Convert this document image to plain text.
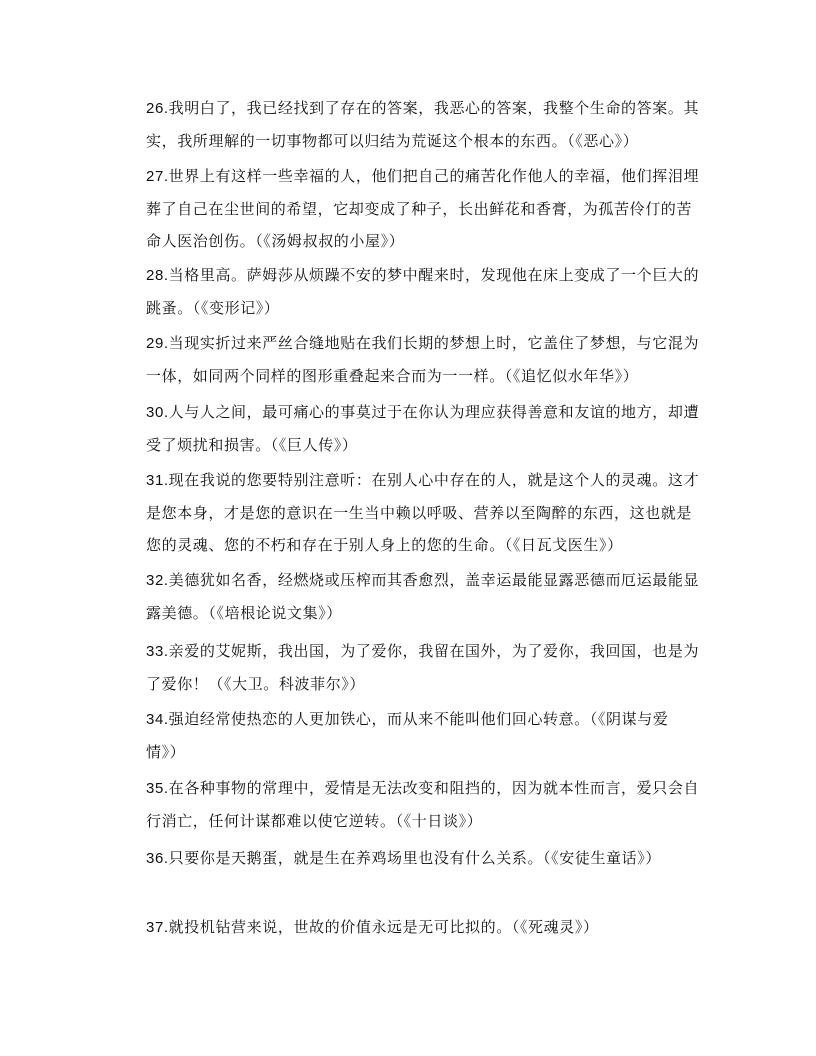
26.我明白了，我已经找到了存在的答案，我恶心的答案，我整个生命的答案。其实，我所理解的一切事物都可以归结为荒诞这个根本的东西。（《恶心》）

27.世界上有这样一些幸福的人，他们把自己的痛苦化作他人的幸福，他们挥泪埋葬了自己在尘世间的希望，它却变成了种子，长出鲜花和香膏，为孤苦伶仃的苦命人医治创伤。（《汤姆叔叔的小屋》）

28.当格里高。萨姆莎从烦躁不安的梦中醒来时，发现他在床上变成了一个巨大的跳蚤。（《变形记》）

29.当现实折过来严丝合缝地贴在我们长期的梦想上时，它盖住了梦想，与它混为一体，如同两个同样的图形重叠起来合而为一一样。（《追忆似水年华》）

30.人与人之间，最可痛心的事莫过于在你认为理应获得善意和友谊的地方，却遭受了烦扰和损害。（《巨人传》）

31.现在我说的您要特别注意听：在别人心中存在的人，就是这个人的灵魂。这才是您本身，才是您的意识在一生当中赖以呼吸、营养以至陶醉的东西，这也就是您的灵魂、您的不朽和存在于别人身上的您的生命。（《日瓦戈医生》）

32.美德犹如名香，经燃烧或压榨而其香愈烈，盖幸运最能显露恶德而厄运最能显露美德。（《培根论说文集》）

33.亲爱的艾妮斯，我出国，为了爱你，我留在国外，为了爱你，我回国，也是为了爱你！（《大卫。科波菲尔》）

34.强迫经常使热恋的人更加铁心，而从来不能叫他们回心转意。（《阴谋与爱情》）

35.在各种事物的常理中，爱情是无法改变和阻挡的，因为就本性而言，爱只会自行消亡，任何计谋都难以使它逆转。（《十日谈》）

36.只要你是天鹅蛋，就是生在养鸡场里也没有什么关系。（《安徒生童话》）

37.就投机钻营来说，世故的价值永远是无可比拟的。（《死魂灵》）
